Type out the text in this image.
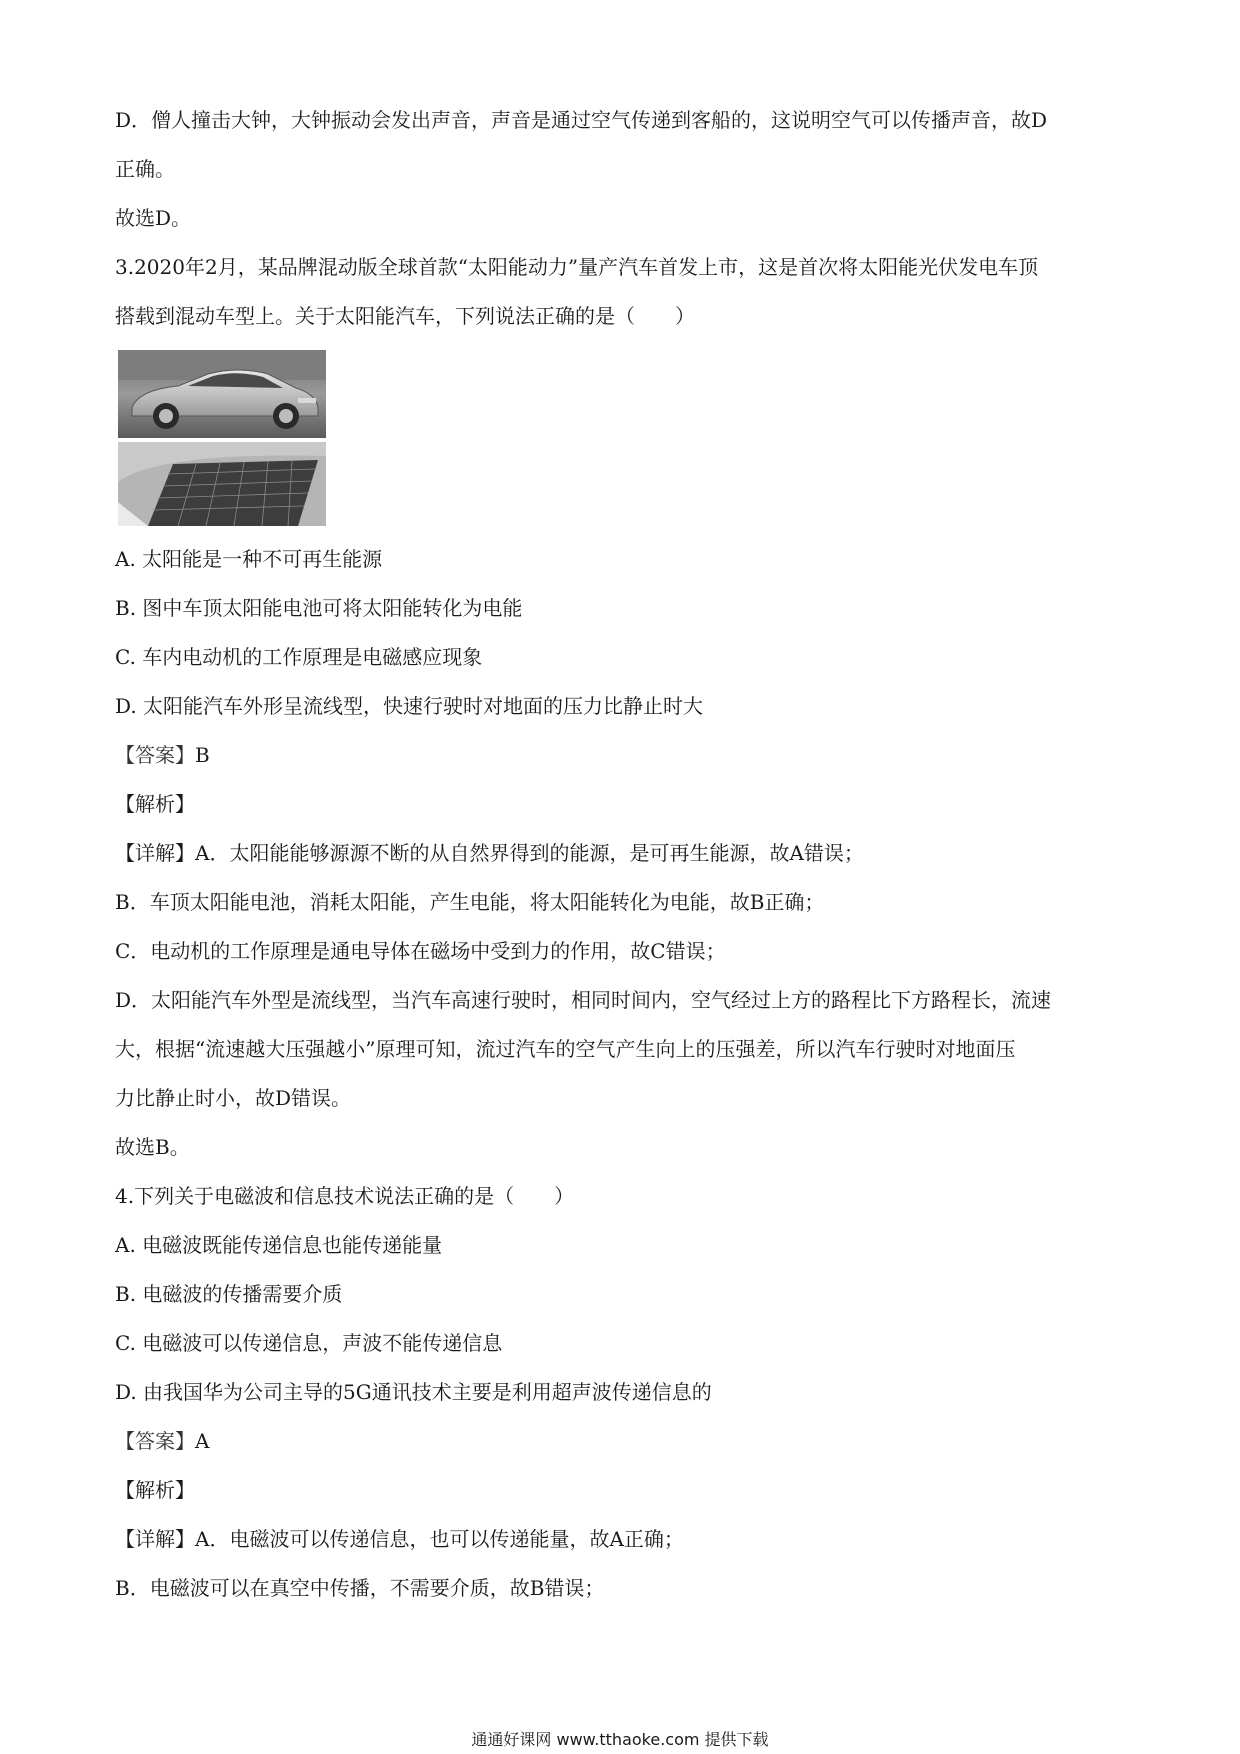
D．僧人撞击大钟，大钟振动会发出声音，声音是通过空气传递到客船的，这说明空气可以传播声音，故D
正确。
故选D。
3.2020年2月，某品牌混动版全球首款“太阳能动力”量产汽车首发上市，这是首次将太阳能光伏发电车顶
搭载到混动车型上。关于太阳能汽车，下列说法正确的是（　　）
A. 太阳能是一种不可再生能源
B. 图中车顶太阳能电池可将太阳能转化为电能
C. 车内电动机的工作原理是电磁感应现象
D. 太阳能汽车外形呈流线型，快速行驶时对地面的压力比静止时大
【答案】B
【解析】
【详解】A．太阳能能够源源不断的从自然界得到的能源，是可再生能源，故A错误；
B．车顶太阳能电池，消耗太阳能，产生电能，将太阳能转化为电能，故B正确；
C．电动机的工作原理是通电导体在磁场中受到力的作用，故C错误；
D．太阳能汽车外型是流线型，当汽车高速行驶时，相同时间内，空气经过上方的路程比下方路程长，流速
大，根据“流速越大压强越小”原理可知，流过汽车的空气产生向上的压强差，所以汽车行驶时对地面压
力比静止时小，故D错误。
故选B。
4.下列关于电磁波和信息技术说法正确的是（　　）
A. 电磁波既能传递信息也能传递能量
B. 电磁波的传播需要介质
C. 电磁波可以传递信息，声波不能传递信息
D. 由我国华为公司主导的5G通讯技术主要是利用超声波传递信息的
【答案】A
【解析】
【详解】A．电磁波可以传递信息，也可以传递能量，故A正确；
B．电磁波可以在真空中传播，不需要介质，故B错误；
通通好课网 www.tthaoke.com 提供下载
